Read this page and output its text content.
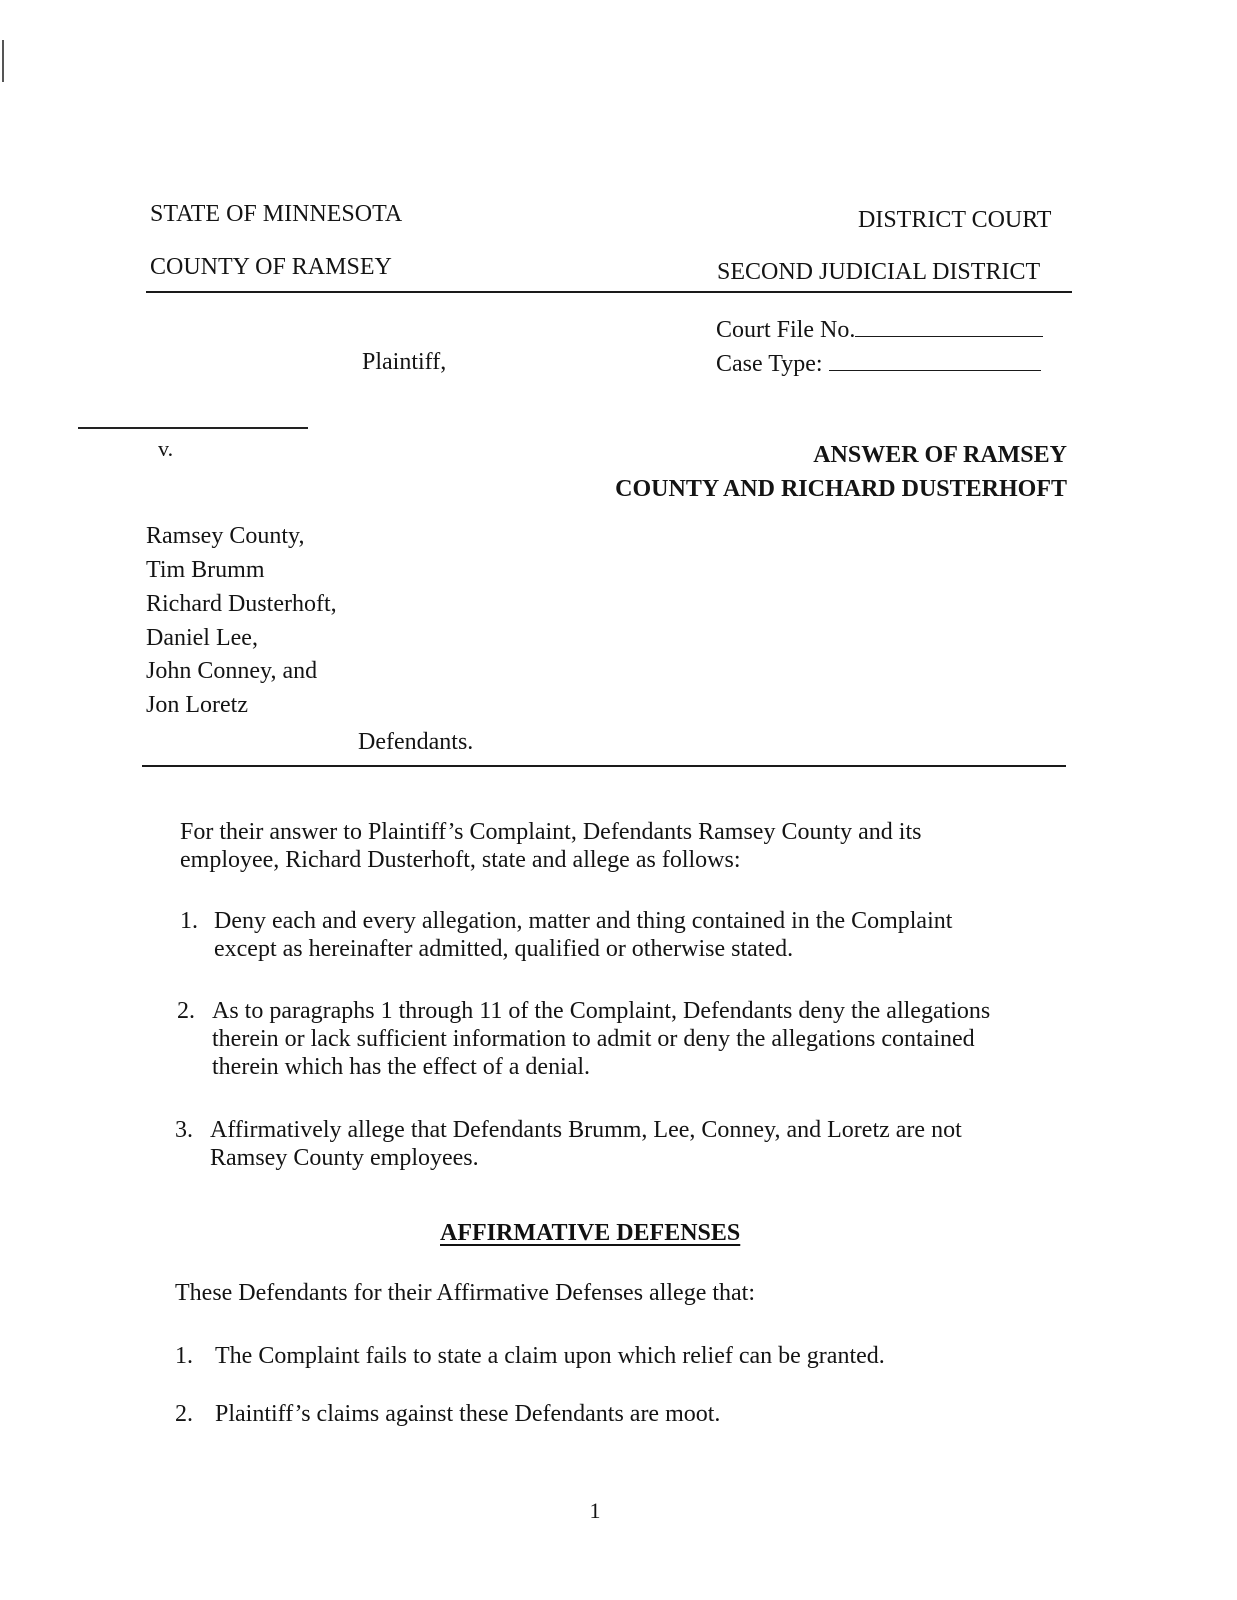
STATE OF MINNESOTA	DISTRICT COURT
COUNTY OF RAMSEY	SECOND JUDICIAL DISTRICT
Court File No.
Case Type:
Plaintiff,
v.	ANSWER OF RAMSEY
COUNTY AND RICHARD DUSTERHOFT
Ramsey County,
Tim Brumm
Richard Dusterhoft,
Daniel Lee,
John Conney, and
Jon Loretz
Defendants.
For their answer to Plaintiff’s Complaint, Defendants Ramsey County and its employee, Richard Dusterhoft, state and allege as follows:
1. Deny each and every allegation, matter and thing contained in the Complaint except as hereinafter admitted, qualified or otherwise stated.
2. As to paragraphs 1 through 11 of the Complaint, Defendants deny the allegations therein or lack sufficient information to admit or deny the allegations contained therein which has the effect of a denial.
3. Affirmatively allege that Defendants Brumm, Lee, Conney, and Loretz are not Ramsey County employees.
AFFIRMATIVE DEFENSES
These Defendants for their Affirmative Defenses allege that:
1. The Complaint fails to state a claim upon which relief can be granted.
2. Plaintiff’s claims against these Defendants are moot.
1
